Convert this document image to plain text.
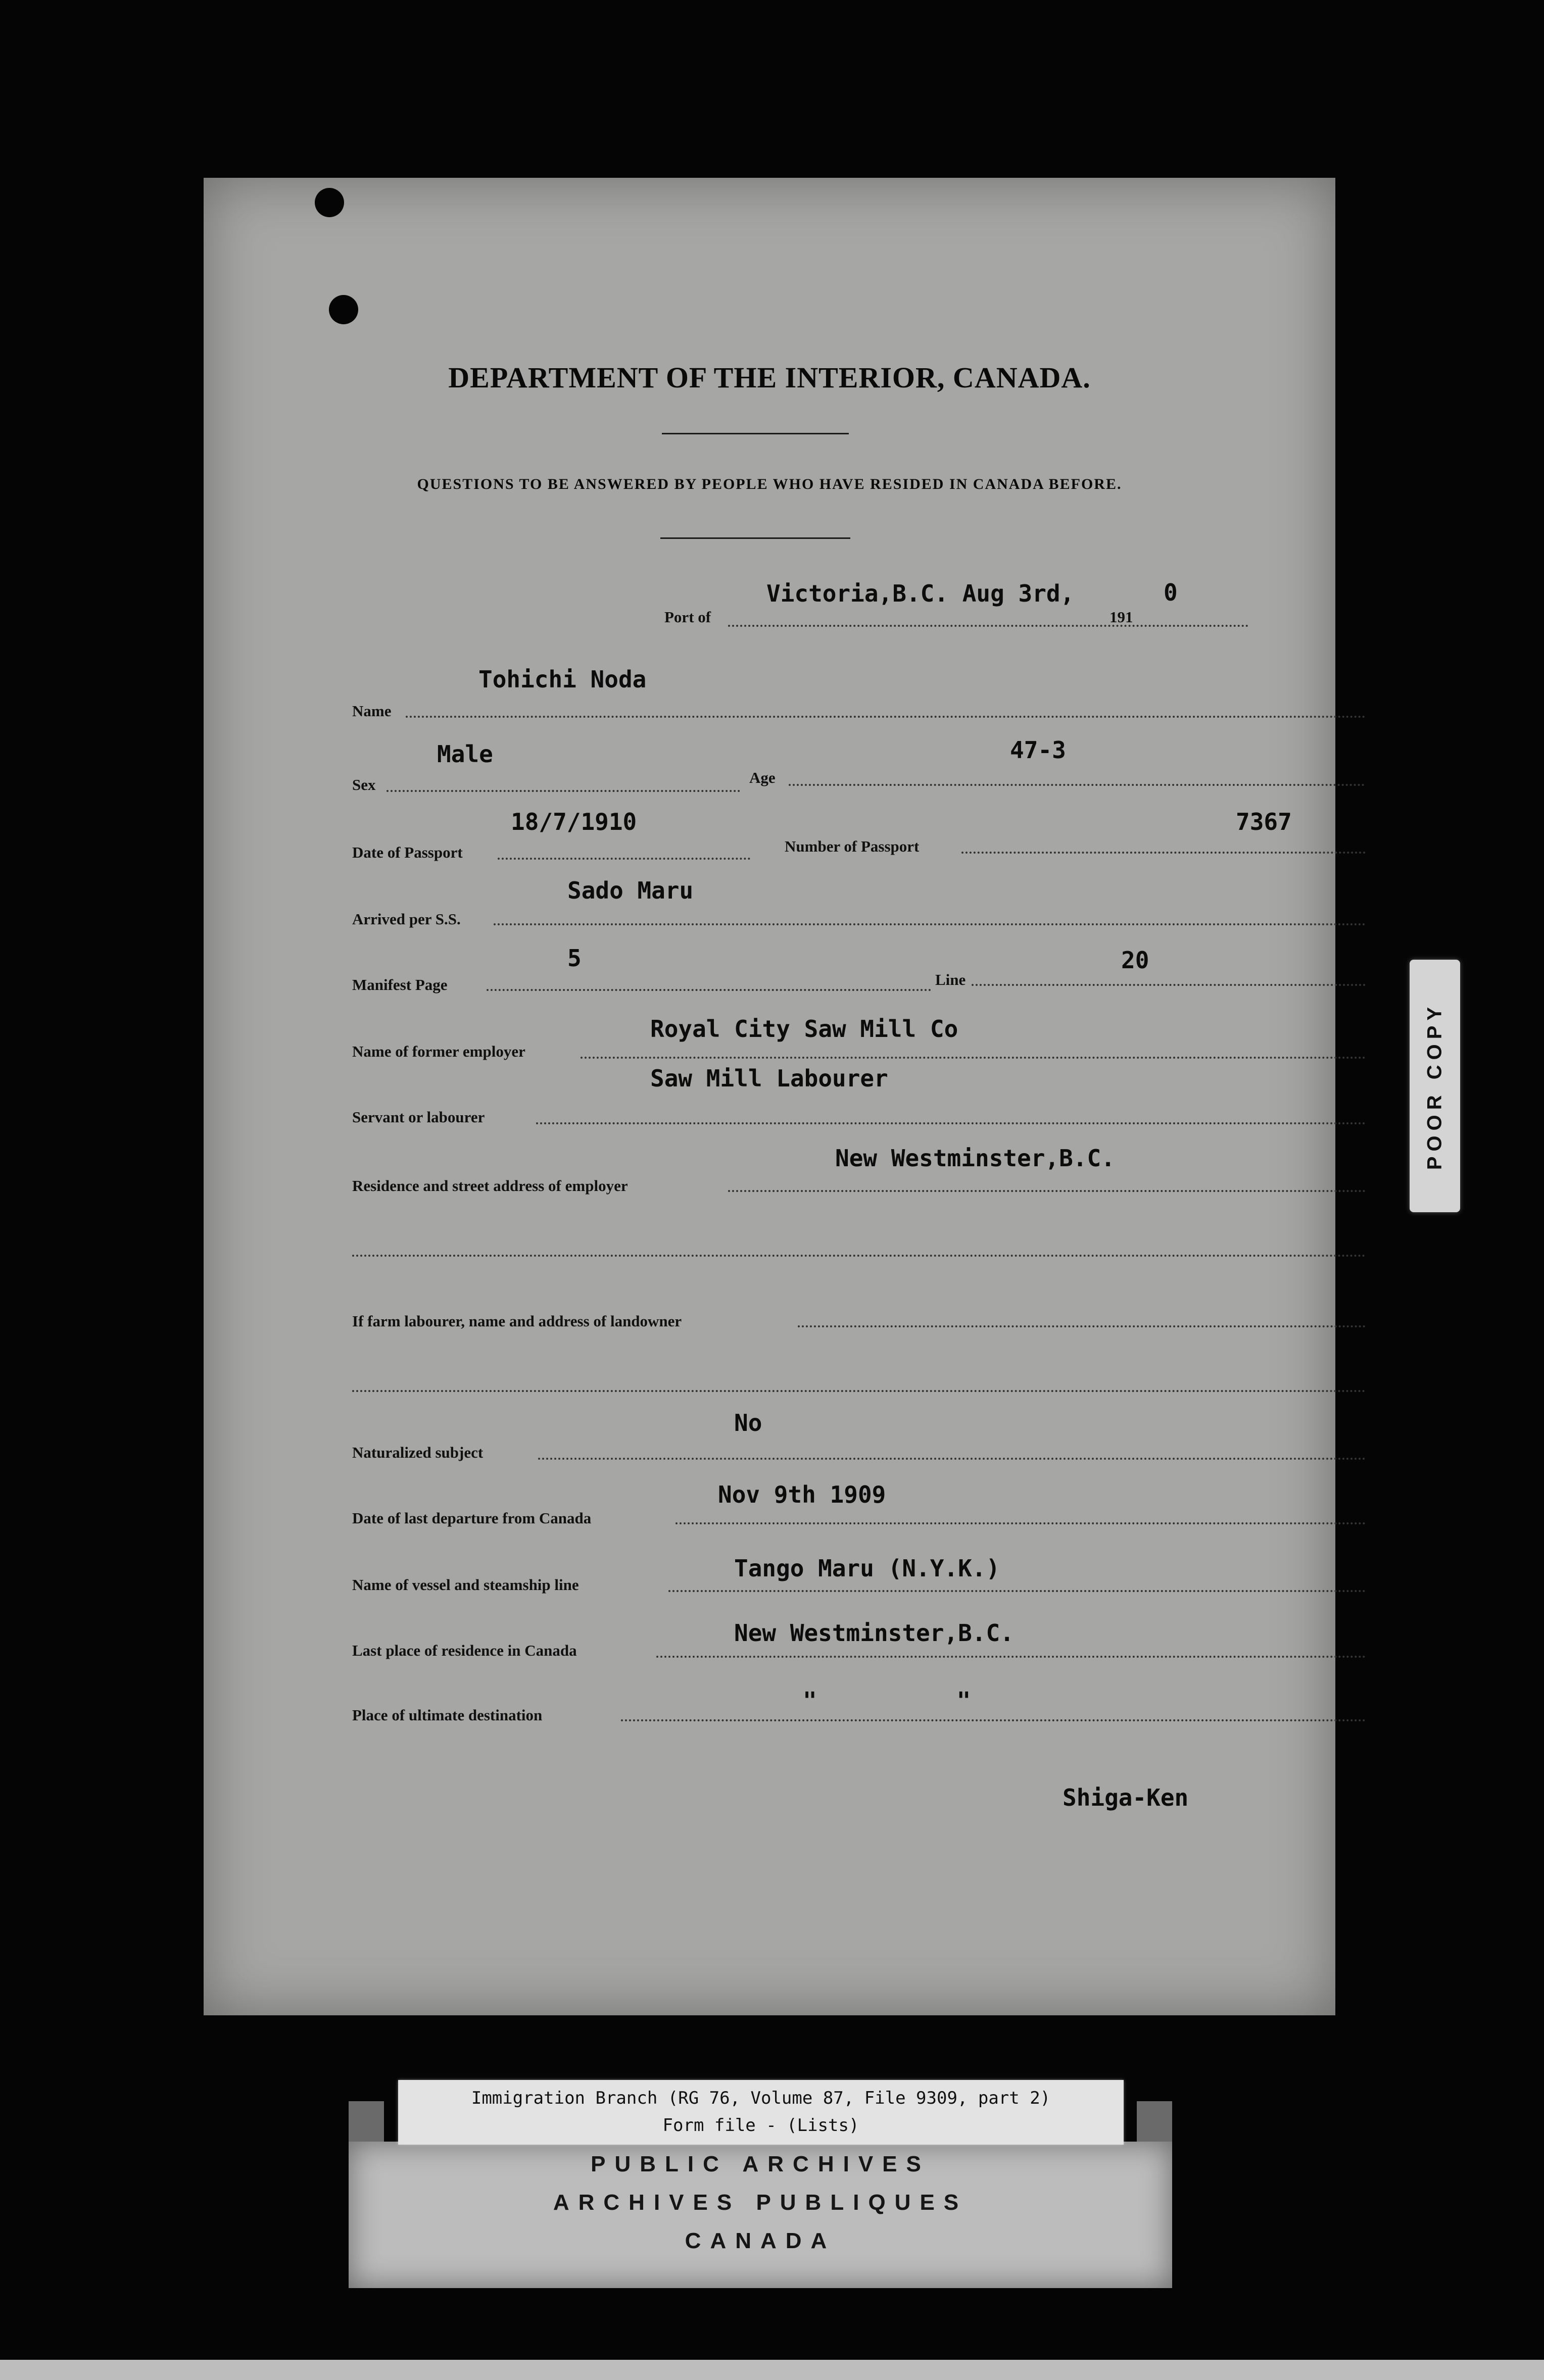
DEPARTMENT OF THE INTERIOR, CANADA.
QUESTIONS TO BE ANSWERED BY PEOPLE WHO HAVE RESIDED IN CANADA BEFORE.
Port of
Victoria,B.C. Aug 3rd,
191
0
Name
Tohichi Noda
Sex
Male
Age
47-3
Date of Passport
18/7/1910
Number of Passport
7367
Arrived per S.S.
Sado Maru
Manifest Page
5
Line
20
Name of former employer
Royal City Saw Mill Co
Servant or labourer
Saw Mill Labourer
Residence and street address of employer
New Westminster,B.C.
If farm labourer, name and address of landowner
Naturalized subject
No
Date of last departure from Canada
Nov 9th 1909
Name of vessel and steamship line
Tango Maru (N.Y.K.)
Last place of residence in Canada
New Westminster,B.C.
Place of ultimate destination
"          "
Shiga-Ken
POOR COPY
PUBLIC ARCHIVES
ARCHIVES PUBLIQUES
CANADA
Immigration Branch (RG 76, Volume 87, File 9309, part 2)
Form file - (Lists)
